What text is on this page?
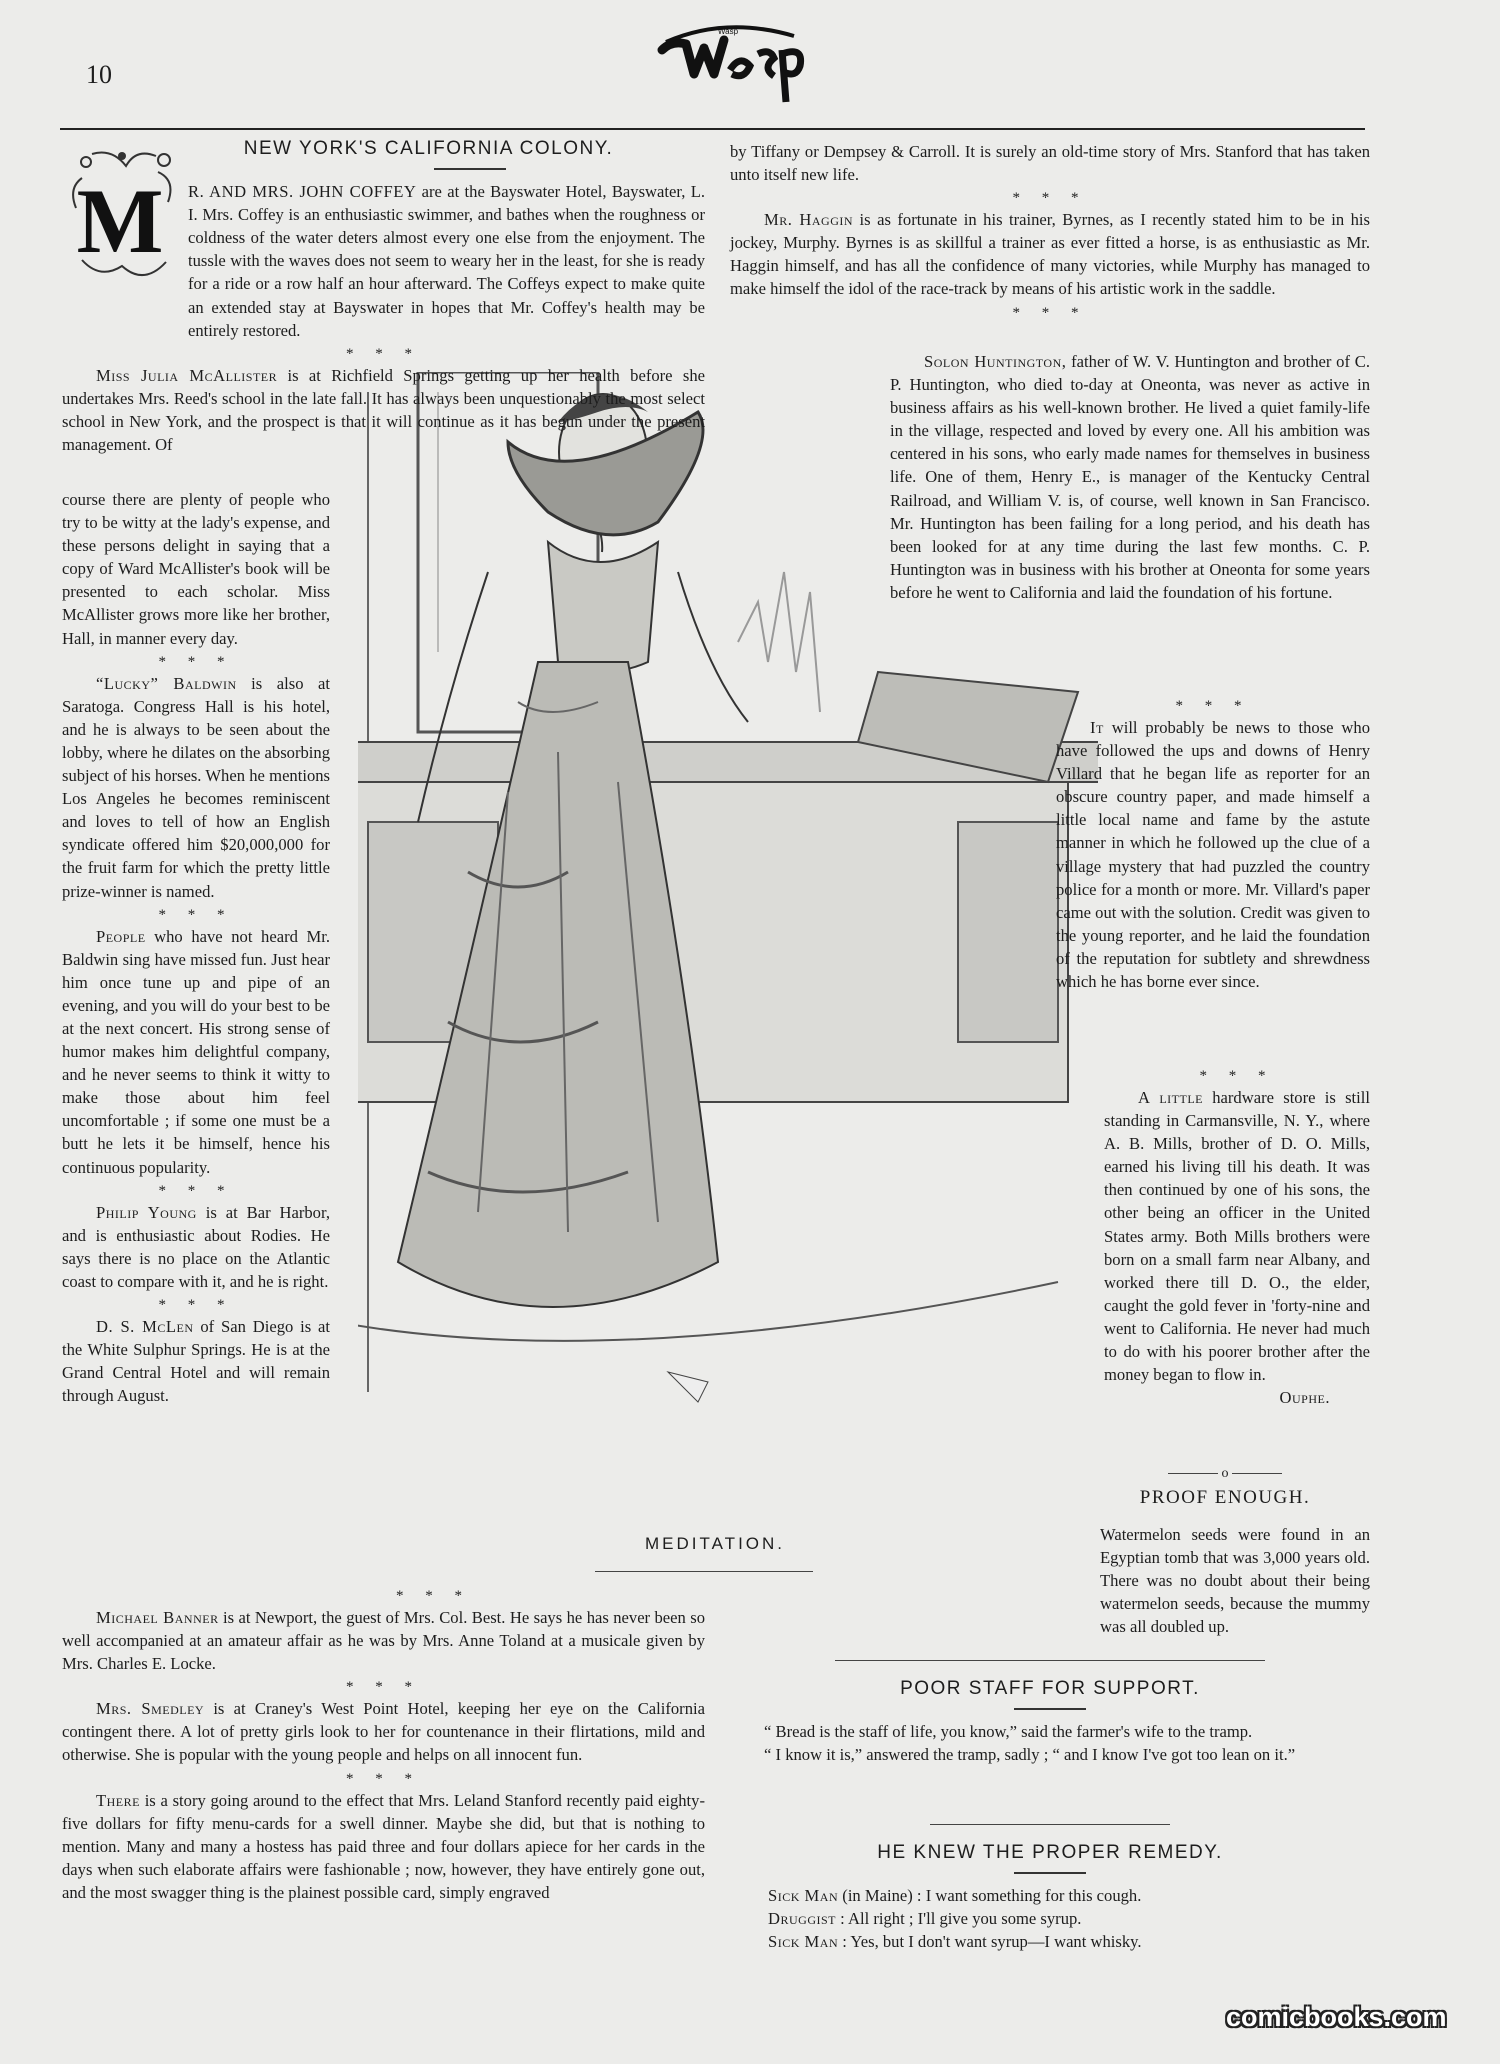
10
Wasp
M
MEDITATION.

NEW YORK'S CALIFORNIA COLONY.

R. AND MRS. JOHN COFFEY are at the Bayswater Hotel, Bayswater, L. I. Mrs. Coffey is an enthusiastic swimmer, and bathes when the roughness or coldness of the water deters almost every one else from the enjoyment. The tussle with the waves does not seem to weary her in the least, for she is ready for a ride or a row half an hour afterward. The Coffeys expect to make quite an extended stay at Bayswater in hopes that Mr. Coffey's health may be entirely restored.

* * *

Miss Julia McAllister is at Richfield Springs getting up her health before she undertakes Mrs. Reed's school in the late fall. It has always been unquestionably the most select school in New York, and the prospect is that it will continue as it has begun under the present management. Of

course there are plenty of people who try to be witty at the lady's expense, and these persons delight in saying that a copy of Ward McAllister's book will be presented to each scholar. Miss McAllister grows more like her brother, Hall, in manner every day.

* * *

“Lucky” Baldwin is also at Saratoga. Congress Hall is his hotel, and he is always to be seen about the lobby, where he dilates on the absorbing subject of his horses. When he mentions Los Angeles he becomes reminiscent and loves to tell of how an English syndicate offered him $20,000,000 for the fruit farm for which the pretty little prize-winner is named.

* * *

People who have not heard Mr. Baldwin sing have missed fun. Just hear him once tune up and pipe of an evening, and you will do your best to be at the next concert. His strong sense of humor makes him delightful company, and he never seems to think it witty to make those about him feel uncomfortable ; if some one must be a butt he lets it be himself, hence his continuous popularity.

* * *

Philip Young is at Bar Harbor, and is enthusiastic about Rodies. He says there is no place on the Atlantic coast to compare with it, and he is right.

* * *

D. S. McLen of San Diego is at the White Sulphur Springs. He is at the Grand Central Hotel and will remain through August.

* * *

Michael Banner is at Newport, the guest of Mrs. Col. Best. He says he has never been so well accompanied at an amateur affair as he was by Mrs. Anne Toland at a musicale given by Mrs. Charles E. Locke.

* * *

Mrs. Smedley is at Craney's West Point Hotel, keeping her eye on the California contingent there. A lot of pretty girls look to her for countenance in their flirtations, mild and otherwise. She is popular with the young people and helps on all innocent fun.

* * *

There is a story going around to the effect that Mrs. Leland Stanford recently paid eighty-five dollars for fifty menu-cards for a swell dinner. Maybe she did, but that is nothing to mention. Many and many a hostess has paid three and four dollars apiece for her cards in the days when such elaborate affairs were fashionable ; now, however, they have entirely gone out, and the most swagger thing is the plainest possible card, simply engraved

by Tiffany or Dempsey & Carroll. It is surely an old-time story of Mrs. Stanford that has taken unto itself new life.

* * *

Mr. Haggin is as fortunate in his trainer, Byrnes, as I recently stated him to be in his jockey, Murphy. Byrnes is as skillful a trainer as ever fitted a horse, is as enthusiastic as Mr. Haggin himself, and has all the confidence of many victories, while Murphy has managed to make himself the idol of the race-track by means of his artistic work in the saddle.

* * *

Solon Huntington, father of W. V. Huntington and brother of C. P. Huntington, who died to-day at Oneonta, was never as active in business affairs as his well-known brother. He lived a quiet family-life in the village, respected and loved by every one. All his ambition was centered in his sons, who early made names for themselves in business life. One of them, Henry E., is manager of the Kentucky Central Railroad, and William V. is, of course, well known in San Francisco. Mr. Huntington has been failing for a long period, and his death has been looked for at any time during the last few months. C. P. Huntington was in business with his brother at Oneonta for some years before he went to California and laid the foundation of his fortune.

* * *

It will probably be news to those who have followed the ups and downs of Henry Villard that he began life as reporter for an obscure country paper, and made himself a little local name and fame by the astute manner in which he followed up the clue of a village mystery that had puzzled the country police for a month or more. Mr. Villard's paper came out with the solution. Credit was given to the young reporter, and he laid the foundation of the reputation for subtlety and shrewdness which he has borne ever since.

* * *

A little hardware store is still standing in Carmansville, N. Y., where A. B. Mills, brother of D. O. Mills, earned his living till his death. It was then continued by one of his sons, the other being an officer in the United States army. Both Mills brothers were born on a small farm near Albany, and worked there till D. O., the elder, caught the gold fever in 'forty-nine and went to California. He never had much to do with his poorer brother after the money began to flow in.

Ouphe.

o

PROOF ENOUGH.

Watermelon seeds were found in an Egyptian tomb that was 3,000 years old. There was no doubt about their being watermelon seeds, because the mummy was all doubled up.

POOR STAFF FOR SUPPORT.

“ Bread is the staff of life, you know,” said the farmer's wife to the tramp.

“ I know it is,” answered the tramp, sadly ; “ and I know I've got too lean on it.”

HE KNEW THE PROPER REMEDY.

Sick Man (in Maine) : I want something for this cough.
Druggist : All right ; I'll give you some syrup.
Sick Man : Yes, but I don't want syrup—I want whisky.
comicbooks.com
